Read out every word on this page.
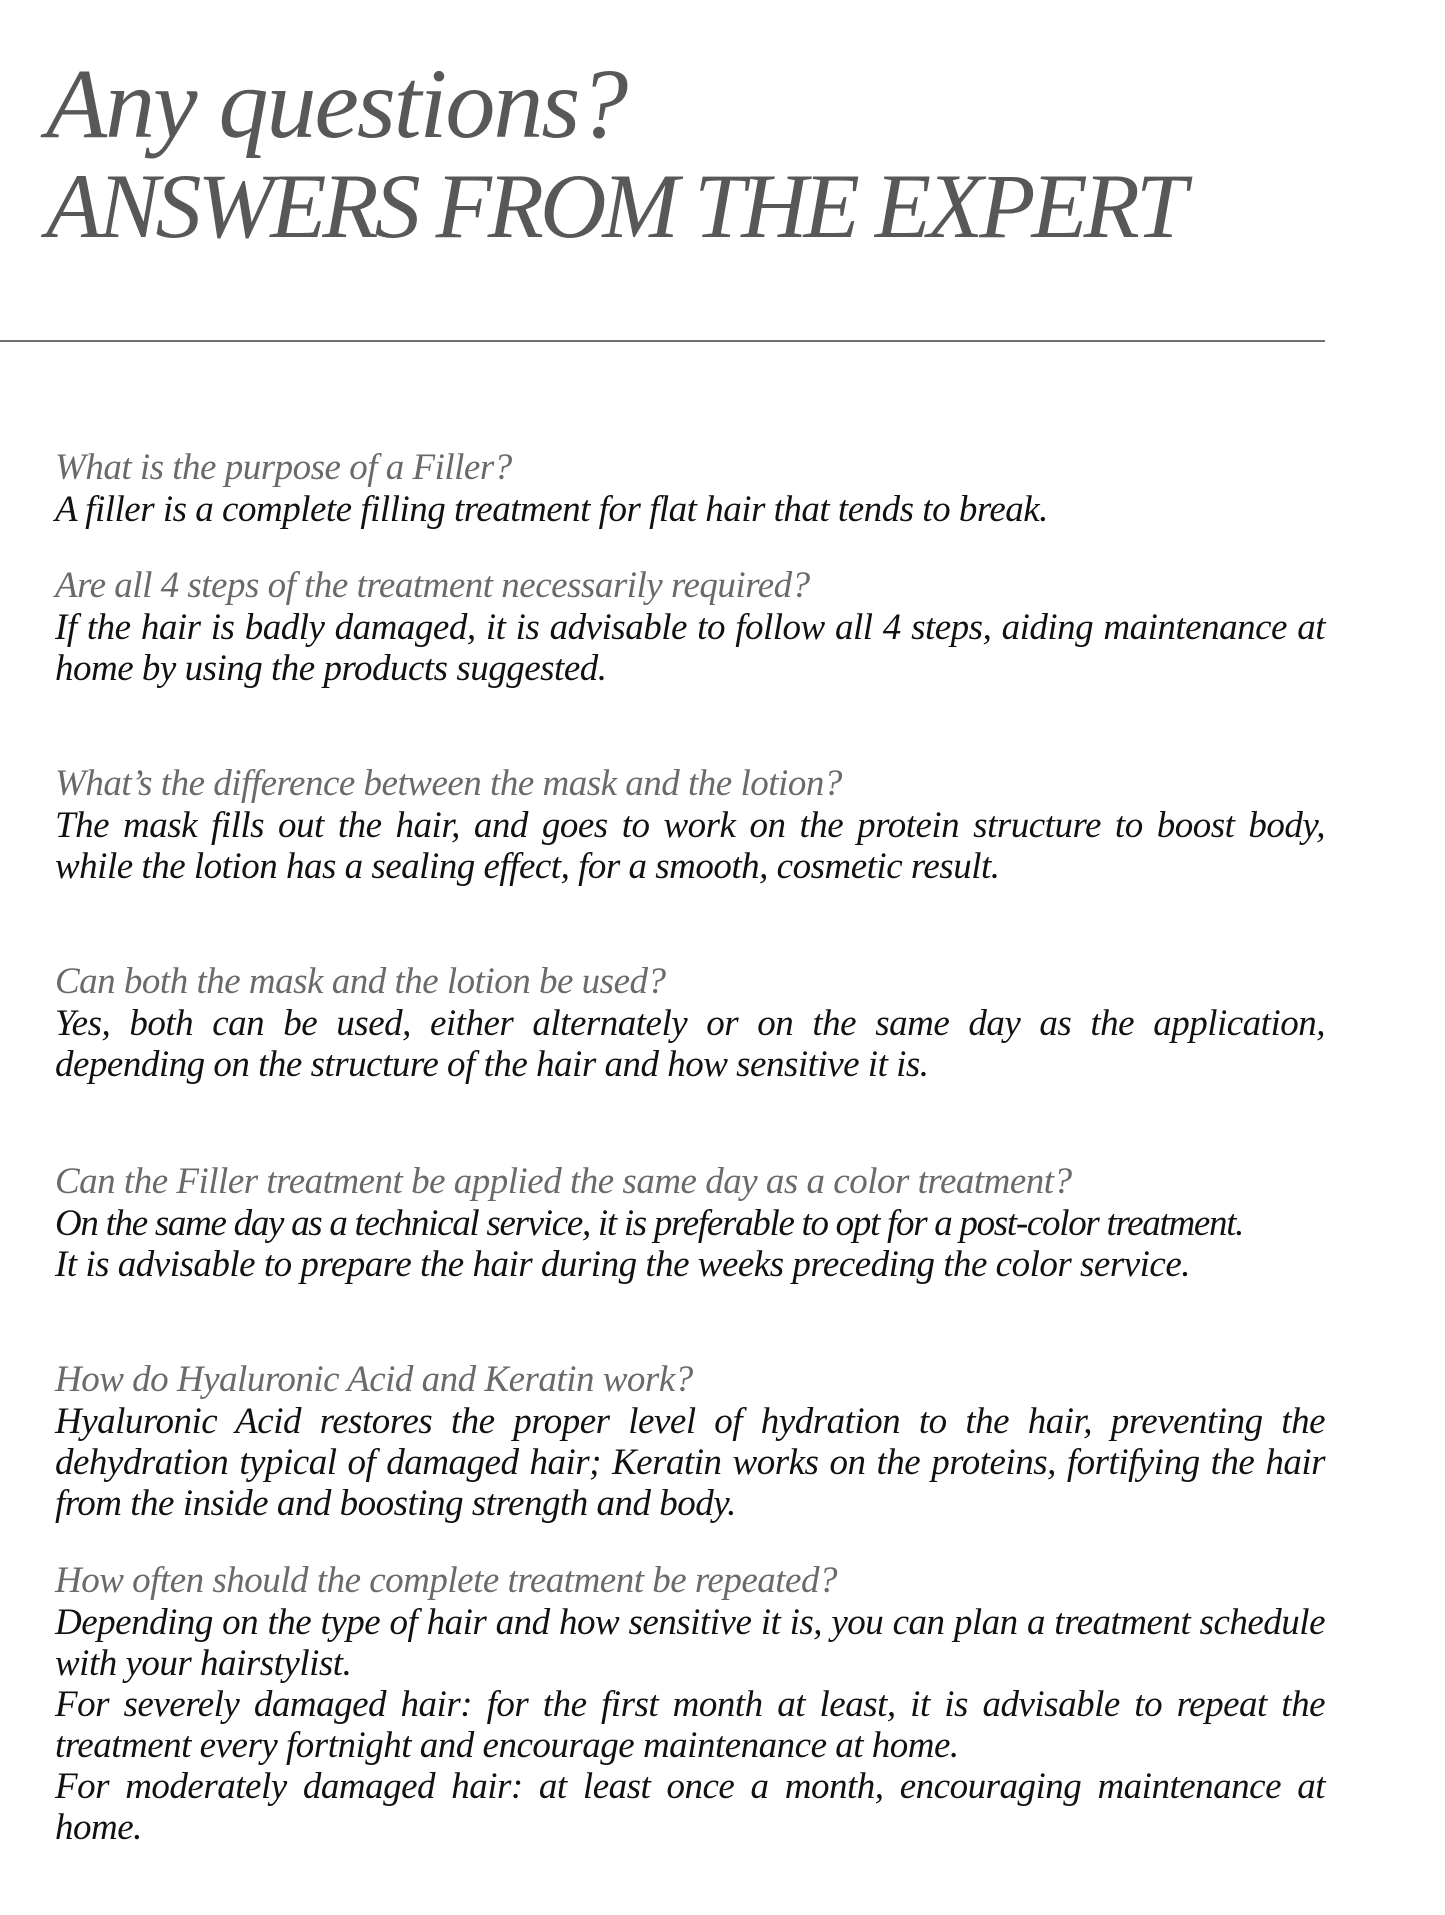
Any questions?
ANSWERS FROM THE EXPERT

What is the purpose of a Filler?

A filler is a complete filling treatment for flat hair that tends to break.

Are all 4 steps of the treatment necessarily required?

If the hair is badly damaged, it is advisable to follow all 4 steps, aiding maintenance at home by using the products suggested.

What’s the difference between the mask and the lotion?

The mask fills out the hair, and goes to work on the protein structure to boost body, while the lotion has a sealing effect, for a smooth, cosmetic result.

Can both the mask and the lotion be used?

Yes, both can be used, either alternately or on the same day as the application, depending on the structure of the hair and how sensitive it is.

Can the Filler treatment be applied the same day as a color treatment?

On the same day as a technical service, it is preferable to opt for a post-color treatment.

It is advisable to prepare the hair during the weeks preceding the color service.

How do Hyaluronic Acid and Keratin work?

Hyaluronic Acid restores the proper level of hydration to the hair, preventing the dehydration typical of damaged hair; Keratin works on the proteins, fortifying the hair from the inside and boosting strength and body.

How often should the complete treatment be repeated?

Depending on the type of hair and how sensitive it is, you can plan a treatment schedule with your hairstylist.

For severely damaged hair: for the first month at least, it is advisable to repeat the treatment every fortnight and encourage maintenance at home.

For moderately damaged hair: at least once a month, encouraging maintenance at home.
